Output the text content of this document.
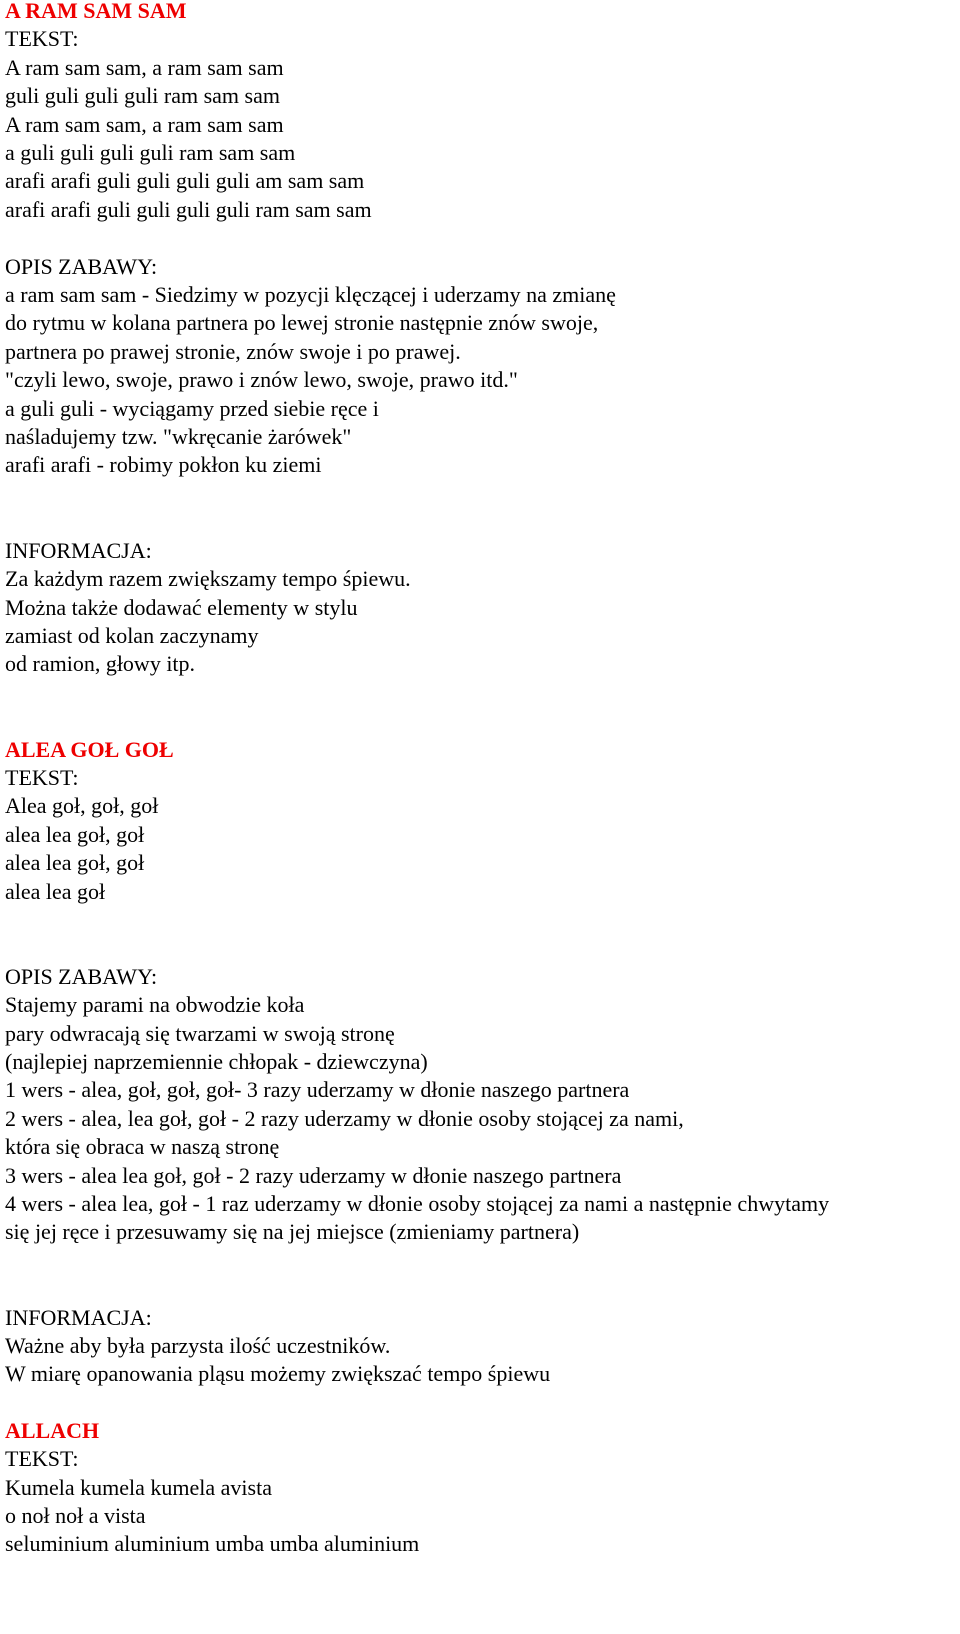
A RAM SAM SAM
TEKST:
A ram sam sam, a ram sam sam
guli guli guli guli ram sam sam
A ram sam sam, a ram sam sam
a guli guli guli guli ram sam sam
arafi arafi guli guli guli guli am sam sam
arafi arafi guli guli guli guli ram sam sam
OPIS ZABAWY:
a ram sam sam - Siedzimy w pozycji klęczącej i uderzamy na zmianę
do rytmu w kolana partnera po lewej stronie następnie znów swoje,
partnera po prawej stronie, znów swoje i po prawej.
"czyli lewo, swoje, prawo i znów lewo, swoje, prawo itd."
a guli guli - wyciągamy przed siebie ręce i
naśladujemy tzw. "wkręcanie żarówek"
arafi arafi - robimy pokłon ku ziemi
INFORMACJA:
Za każdym razem zwiększamy tempo śpiewu.
Można także dodawać elementy w stylu
zamiast od kolan zaczynamy
od ramion, głowy itp.
ALEA GOŁ GOŁ
TEKST:
Alea goł, goł, goł
alea lea goł, goł
alea lea goł, goł
alea lea goł
OPIS ZABAWY:
Stajemy parami na obwodzie koła
pary odwracają się twarzami w swoją stronę
(najlepiej naprzemiennie chłopak - dziewczyna)
1 wers - alea, goł, goł, goł- 3 razy uderzamy w dłonie naszego partnera
2 wers - alea, lea goł, goł - 2 razy uderzamy w dłonie osoby stojącej za nami,
która się obraca w naszą stronę
3 wers - alea lea goł, goł - 2 razy uderzamy w dłonie naszego partnera
4 wers - alea lea, goł - 1 raz uderzamy w dłonie osoby stojącej za nami a następnie chwytamy
się jej ręce i przesuwamy się na jej miejsce (zmieniamy partnera)
INFORMACJA:
Ważne aby była parzysta ilość uczestników.
W miarę opanowania pląsu możemy zwiększać tempo śpiewu
ALLACH
TEKST:
Kumela kumela kumela avista
o noł noł a vista
seluminium aluminium umba umba aluminium
